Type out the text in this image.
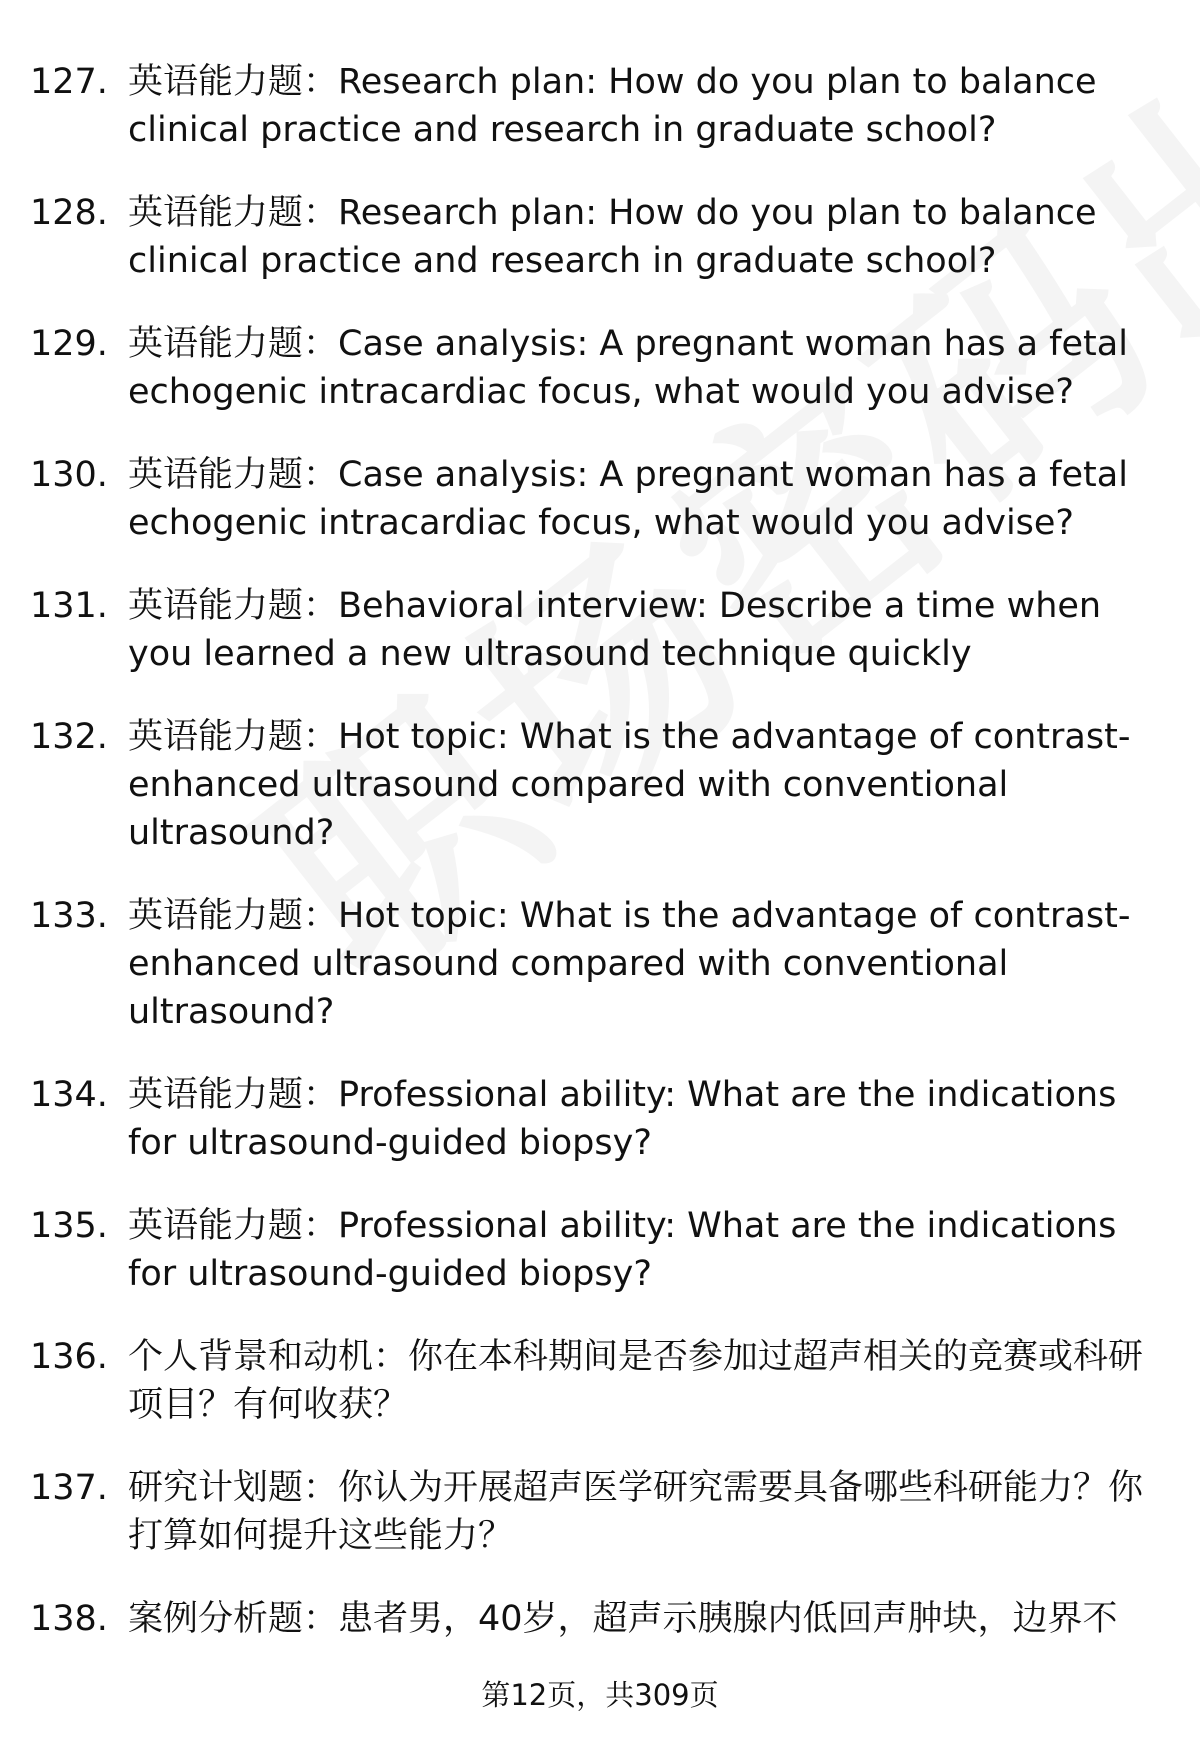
127. 英语能力题：Research plan: How do you plan to balance clinical practice and research in graduate school?
128. 英语能力题：Research plan: How do you plan to balance clinical practice and research in graduate school?
129. 英语能力题：Case analysis: A pregnant woman has a fetal echogenic intracardiac focus, what would you advise?
130. 英语能力题：Case analysis: A pregnant woman has a fetal echogenic intracardiac focus, what would you advise?
131. 英语能力题：Behavioral interview: Describe a time when you learned a new ultrasound technique quickly
132. 英语能力题：Hot topic: What is the advantage of contrast-enhanced ultrasound compared with conventional ultrasound?
133. 英语能力题：Hot topic: What is the advantage of contrast-enhanced ultrasound compared with conventional ultrasound?
134. 英语能力题：Professional ability: What are the indications for ultrasound-guided biopsy?
135. 英语能力题：Professional ability: What are the indications for ultrasound-guided biopsy?
136. 个人背景和动机：你在本科期间是否参加过超声相关的竞赛或科研项目？有何收获？
137. 研究计划题：你认为开展超声医学研究需要具备哪些科研能力？你打算如何提升这些能力？
138. 案例分析题：患者男，40岁，超声示胰腺内低回声肿块，边界不
第12页，共309页
